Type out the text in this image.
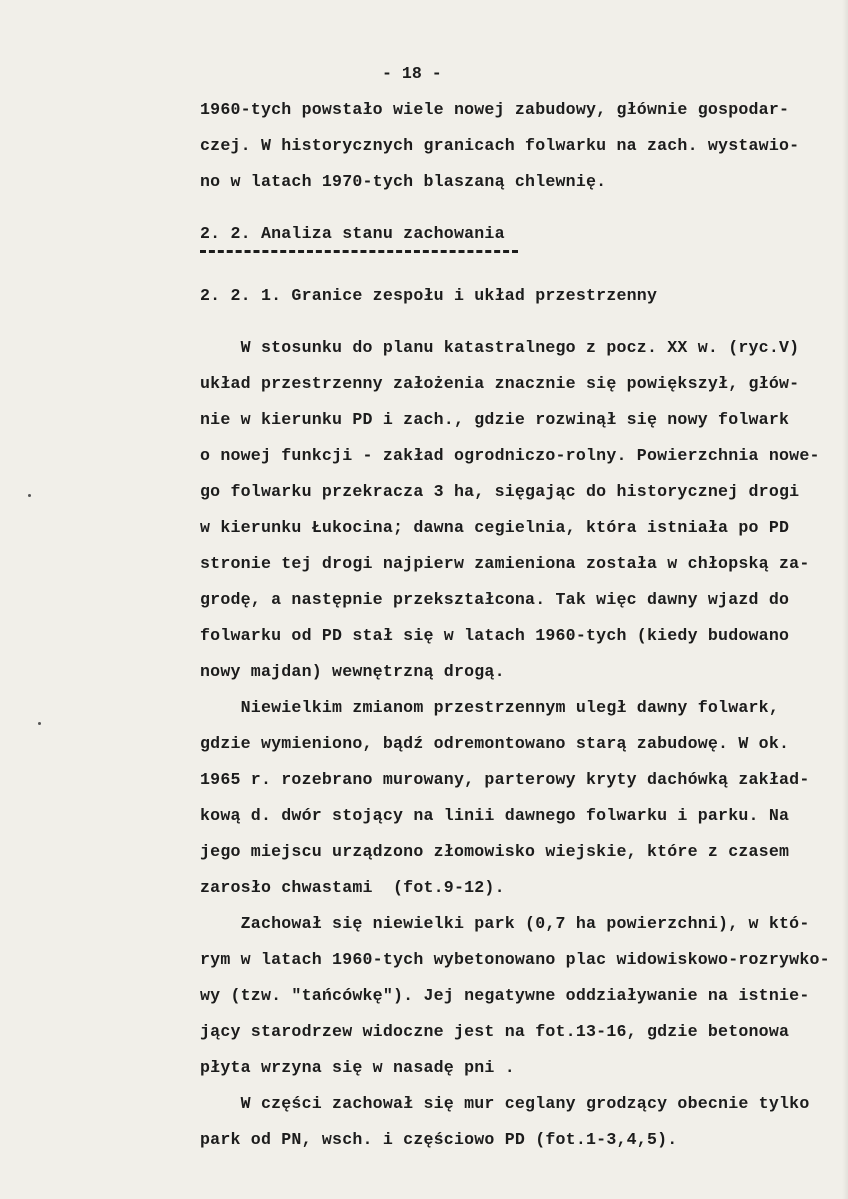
- 18 -
1960-tych powstało wiele nowej zabudowy, głównie gospodar-
czej. W historycznych granicach folwarku na zach. wystawio-
no w latach 1970-tych blaszaną chlewnię.
2. 2. Analiza stanu zachowania
2. 2. 1. Granice zespołu i układ przestrzenny
W stosunku do planu katastralnego z pocz. XX w. (ryc.V)
układ przestrzenny założenia znacznie się powiększył, głów-
nie w kierunku PD i zach., gdzie rozwinął się nowy folwark
o nowej funkcji - zakład ogrodniczo-rolny. Powierzchnia nowe-
go folwarku przekracza 3 ha, sięgając do historycznej drogi
w kierunku Łukocina; dawna cegielnia, która istniała po PD
stronie tej drogi najpierw zamieniona została w chłopską za-
grodę, a następnie przekształcona. Tak więc dawny wjazd do
folwarku od PD stał się w latach 1960-tych (kiedy budowano
nowy majdan) wewnętrzną drogą.
Niewielkim zmianom przestrzennym uległ dawny folwark,
gdzie wymieniono, bądź odremontowano starą zabudowę. W ok.
1965 r. rozebrano murowany, parterowy kryty dachówką zakład-
kową d. dwór stojący na linii dawnego folwarku i parku. Na
jego miejscu urządzono złomowisko wiejskie, które z czasem
zarosło chwastami  (fot.9-12).
Zachował się niewielki park (0,7 ha powierzchni), w któ-
rym w latach 1960-tych wybetonowano plac widowiskowo-rozrywko-
wy (tzw. "tańcówkę"). Jej negatywne oddziaływanie na istnie-
jący starodrzew widoczne jest na fot.13-16, gdzie betonowa
płyta wrzyna się w nasadę pni .
W części zachował się mur ceglany grodzący obecnie tylko
park od PN, wsch. i częściowo PD (fot.1-3,4,5).
